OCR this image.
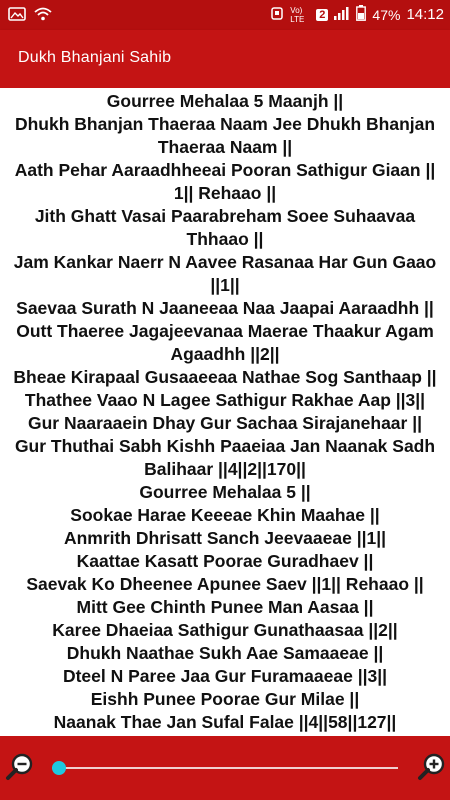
Vo) LTE	2	47% 14:12
Dukh Bhanjani Sahib
Gourree Mehalaa 5 Maanjh ||
Dhukh Bhanjan Thaeraa Naam Jee Dhukh Bhanjan
Thaeraa Naam ||
Aath Pehar Aaraadhheeai Pooran Sathigur Giaan ||
1|| Rehaao ||
Jith Ghatt Vasai Paarabreham Soee Suhaavaa
Thhaao ||
Jam Kankar Naerr N Aavee Rasanaa Har Gun Gaao
||1||
Saevaa Surath N Jaaneeaa Naa Jaapai Aaraadhh ||
Outt Thaeree Jagajeevanaa Maerae Thaakur Agam
Agaadhh ||2||
Bheae Kirapaal Gusaaeeaa Nathae Sog Santhaap ||
Thathee Vaao N Lagee Sathigur Rakhae Aap ||3||
Gur Naaraaein Dhay Gur Sachaa Sirajanehaar ||
Gur Thuthai Sabh Kishh Paaeiaa Jan Naanak Sadh
Balihaar ||4||2||170||
Gourree Mehalaa 5 ||
Sookae Harae Keeeae Khin Maahae ||
Anmrith Dhrisatt Sanch Jeevaaeae ||1||
Kaattae Kasatt Poorae Guradhaev ||
Saevak Ko Dheenee Apunee Saev ||1|| Rehaao ||
Mitt Gee Chinth Punee Man Aasaa ||
Karee Dhaeiaa Sathigur Gunathaasaa ||2||
Dhukh Naathae Sukh Aae Samaaeae ||
Dteel N Paree Jaa Gur Furamaaeae ||3||
Eishh Punee Poorae Gur Milae ||
Naanak Thae Jan Sufal Falae ||4||58||127||
